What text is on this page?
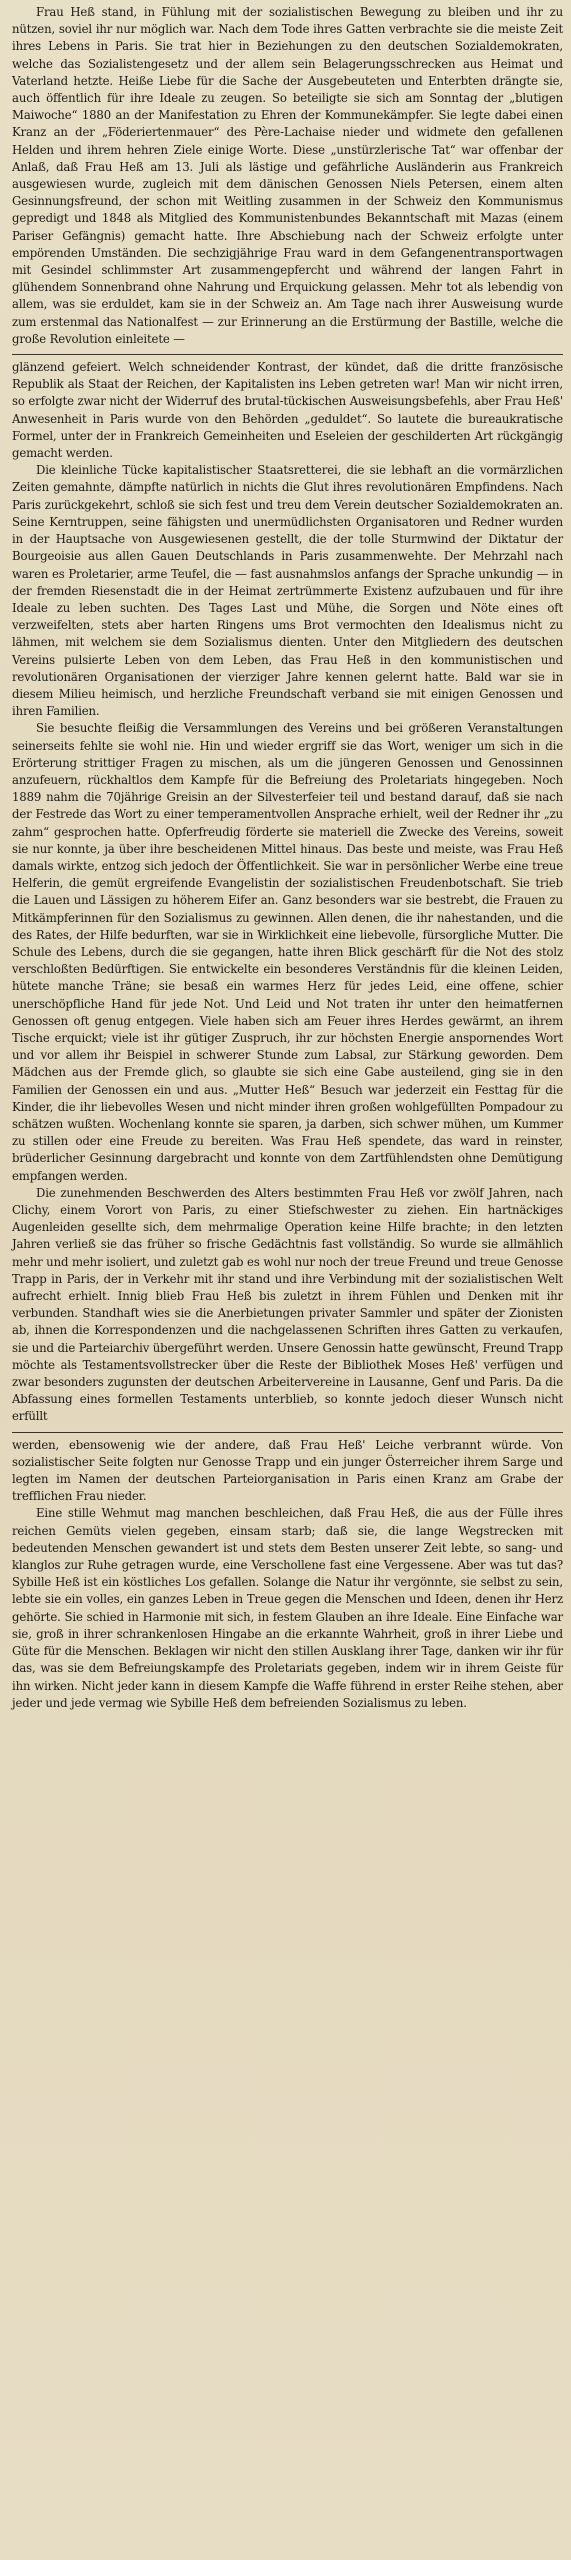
Frau Heß stand, in Fühlung mit der sozialistischen Bewegung zu bleiben und ihr zu nützen, soviel ihr nur möglich war. Nach dem Tode ihres Gatten verbrachte sie die meiste Zeit ihres Lebens in Paris. Sie trat hier in Beziehungen zu den deutschen Sozialdemokraten, welche das Sozialistengesetz und der allem sein Belagerungsschrecken aus Heimat und Vaterland hetzte. Heiße Liebe für die Sache der Ausgebeuteten und Enterbten drängte sie, auch öffentlich für ihre Ideale zu zeugen. So beteiligte sie sich am Sonntag der „blutigen Maiwoche“ 1880 an der Manifestation zu Ehren der Kommunekämpfer. Sie legte dabei einen Kranz an der „Föderiertenmauer“ des Père-Lachaise nieder und widmete den gefallenen Helden und ihrem hehren Ziele einige Worte. Diese „unstürzlerische Tat“ war offenbar der Anlaß, daß Frau Heß am 13. Juli als lästige und gefährliche Ausländerin aus Frankreich ausgewiesen wurde, zugleich mit dem dänischen Genossen Niels Petersen, einem alten Gesinnungsfreund, der schon mit Weitling zusammen in der Schweiz den Kommunismus gepredigt und 1848 als Mitglied des Kommunistenbundes Bekanntschaft mit Mazas (einem Pariser Gefängnis) gemacht hatte. Ihre Abschiebung nach der Schweiz erfolgte unter empörenden Umständen. Die sechzigjährige Frau ward in dem Gefangenentransportwagen mit Gesindel schlimmster Art zusammengepfercht und während der langen Fahrt in glühendem Sonnenbrand ohne Nahrung und Erquickung gelassen. Mehr tot als lebendig von allem, was sie erduldet, kam sie in der Schweiz an. Am Tage nach ihrer Ausweisung wurde zum erstenmal das Nationalfest — zur Erinnerung an die Erstürmung der Bastille, welche die große Revolution einleitete —

glänzend gefeiert. Welch schneidender Kontrast, der kündet, daß die dritte französische Republik als Staat der Reichen, der Kapitalisten ins Leben getreten war! Man wir nicht irren, so erfolgte zwar nicht der Widerruf des brutal-tückischen Ausweisungsbefehls, aber Frau Heß' Anwesenheit in Paris wurde von den Behörden „geduldet“. So lautete die bureaukratische Formel, unter der in Frankreich Gemeinheiten und Eseleien der geschilderten Art rückgängig gemacht werden.

Die kleinliche Tücke kapitalistischer Staatsretterei, die sie lebhaft an die vormärzlichen Zeiten gemahnte, dämpfte natürlich in nichts die Glut ihres revolutionären Empfindens. Nach Paris zurückgekehrt, schloß sie sich fest und treu dem Verein deutscher Sozialdemokraten an. Seine Kerntruppen, seine fähigsten und unermüdlichsten Organisatoren und Redner wurden in der Hauptsache von Ausgewiesenen gestellt, die der tolle Sturmwind der Diktatur der Bourgeoisie aus allen Gauen Deutschlands in Paris zusammenwehte. Der Mehrzahl nach waren es Proletarier, arme Teufel, die — fast ausnahmslos anfangs der Sprache unkundig — in der fremden Riesenstadt die in der Heimat zertrümmerte Existenz aufzubauen und für ihre Ideale zu leben suchten. Des Tages Last und Mühe, die Sorgen und Nöte eines oft verzweifelten, stets aber harten Ringens ums Brot vermochten den Idealismus nicht zu lähmen, mit welchem sie dem Sozialismus dienten. Unter den Mitgliedern des deutschen Vereins pulsierte Leben von dem Leben, das Frau Heß in den kommunistischen und revolutionären Organisationen der vierziger Jahre kennen gelernt hatte. Bald war sie in diesem Milieu heimisch, und herzliche Freundschaft verband sie mit einigen Genossen und ihren Familien.

Sie besuchte fleißig die Versammlungen des Vereins und bei größeren Veranstaltungen seinerseits fehlte sie wohl nie. Hin und wieder ergriff sie das Wort, weniger um sich in die Erörterung strittiger Fragen zu mischen, als um die jüngeren Genossen und Genossinnen anzufeuern, rückhaltlos dem Kampfe für die Befreiung des Proletariats hingegeben. Noch 1889 nahm die 70jährige Greisin an der Silvesterfeier teil und bestand darauf, daß sie nach der Festrede das Wort zu einer temperamentvollen Ansprache erhielt, weil der Redner ihr „zu zahm“ gesprochen hatte. Opferfreudig förderte sie materiell die Zwecke des Vereins, soweit sie nur konnte, ja über ihre bescheidenen Mittel hinaus. Das beste und meiste, was Frau Heß damals wirkte, entzog sich jedoch der Öffentlichkeit. Sie war in persönlicher Werbe eine treue Helferin, die gemüt ergreifende Evangelistin der sozialistischen Freudenbotschaft. Sie trieb die Lauen und Lässigen zu höherem Eifer an. Ganz besonders war sie bestrebt, die Frauen zu Mitkämpferinnen für den Sozialismus zu gewinnen. Allen denen, die ihr nahestanden, und die des Rates, der Hilfe bedurften, war sie in Wirklichkeit eine liebevolle, fürsorgliche Mutter. Die Schule des Lebens, durch die sie gegangen, hatte ihren Blick geschärft für die Not des stolz verschloßten Bedürftigen. Sie entwickelte ein besonderes Verständnis für die kleinen Leiden, hütete manche Träne; sie besaß ein warmes Herz für jedes Leid, eine offene, schier unerschöpfliche Hand für jede Not. Und Leid und Not traten ihr unter den heimatfernen Genossen oft genug entgegen. Viele haben sich am Feuer ihres Herdes gewärmt, an ihrem Tische erquickt; viele ist ihr gütiger Zuspruch, ihr zur höchsten Energie anspornendes Wort und vor allem ihr Beispiel in schwerer Stunde zum Labsal, zur Stärkung geworden. Dem Mädchen aus der Fremde glich, so glaubte sie sich eine Gabe austeilend, ging sie in den Familien der Genossen ein und aus. „Mutter Heß“ Besuch war jederzeit ein Festtag für die Kinder, die ihr liebevolles Wesen und nicht minder ihren großen wohlgefüllten Pompadour zu schätzen wußten. Wochenlang konnte sie sparen, ja darben, sich schwer mühen, um Kummer zu stillen oder eine Freude zu bereiten. Was Frau Heß spendete, das ward in reinster, brüderlicher Gesinnung dargebracht und konnte von dem Zartfühlendsten ohne Demütigung empfangen werden.

Die zunehmenden Beschwerden des Alters bestimmten Frau Heß vor zwölf Jahren, nach Clichy, einem Vorort von Paris, zu einer Stiefschwester zu ziehen. Ein hartnäckiges Augenleiden gesellte sich, dem mehrmalige Operation keine Hilfe brachte; in den letzten Jahren verließ sie das früher so frische Gedächtnis fast vollständig. So wurde sie allmählich mehr und mehr isoliert, und zuletzt gab es wohl nur noch der treue Freund und treue Genosse Trapp in Paris, der in Verkehr mit ihr stand und ihre Verbindung mit der sozialistischen Welt aufrecht erhielt. Innig blieb Frau Heß bis zuletzt in ihrem Fühlen und Denken mit ihr verbunden. Standhaft wies sie die Anerbietungen privater Sammler und später der Zionisten ab, ihnen die Korrespondenzen und die nachgelassenen Schriften ihres Gatten zu verkaufen, sie und die Parteiarchiv übergeführt werden. Unsere Genossin hatte gewünscht, Freund Trapp möchte als Testamentsvollstrecker über die Reste der Bibliothek Moses Heß' verfügen und zwar besonders zugunsten der deutschen Arbeitervereine in Lausanne, Genf und Paris. Da die Abfassung eines formellen Testaments unterblieb, so konnte jedoch dieser Wunsch nicht erfüllt

werden, ebensowenig wie der andere, daß Frau Heß' Leiche verbrannt würde. Von sozialistischer Seite folgten nur Genosse Trapp und ein junger Österreicher ihrem Sarge und legten im Namen der deutschen Parteiorganisation in Paris einen Kranz am Grabe der trefflichen Frau nieder.

Eine stille Wehmut mag manchen beschleichen, daß Frau Heß, die aus der Fülle ihres reichen Gemüts vielen gegeben, einsam starb; daß sie, die lange Wegstrecken mit bedeutenden Menschen gewandert ist und stets dem Besten unserer Zeit lebte, so sang- und klanglos zur Ruhe getragen wurde, eine Verschollene fast eine Vergessene. Aber was tut das? Sybille Heß ist ein köstliches Los gefallen. Solange die Natur ihr vergönnte, sie selbst zu sein, lebte sie ein volles, ein ganzes Leben in Treue gegen die Menschen und Ideen, denen ihr Herz gehörte. Sie schied in Harmonie mit sich, in festem Glauben an ihre Ideale. Eine Einfache war sie, groß in ihrer schrankenlosen Hingabe an die erkannte Wahrheit, groß in ihrer Liebe und Güte für die Menschen. Beklagen wir nicht den stillen Ausklang ihrer Tage, danken wir ihr für das, was sie dem Befreiungskampfe des Proletariats gegeben, indem wir in ihrem Geiste für ihn wirken. Nicht jeder kann in diesem Kampfe die Waffe führend in erster Reihe stehen, aber jeder und jede vermag wie Sybille Heß dem befreienden Sozialismus zu leben.
